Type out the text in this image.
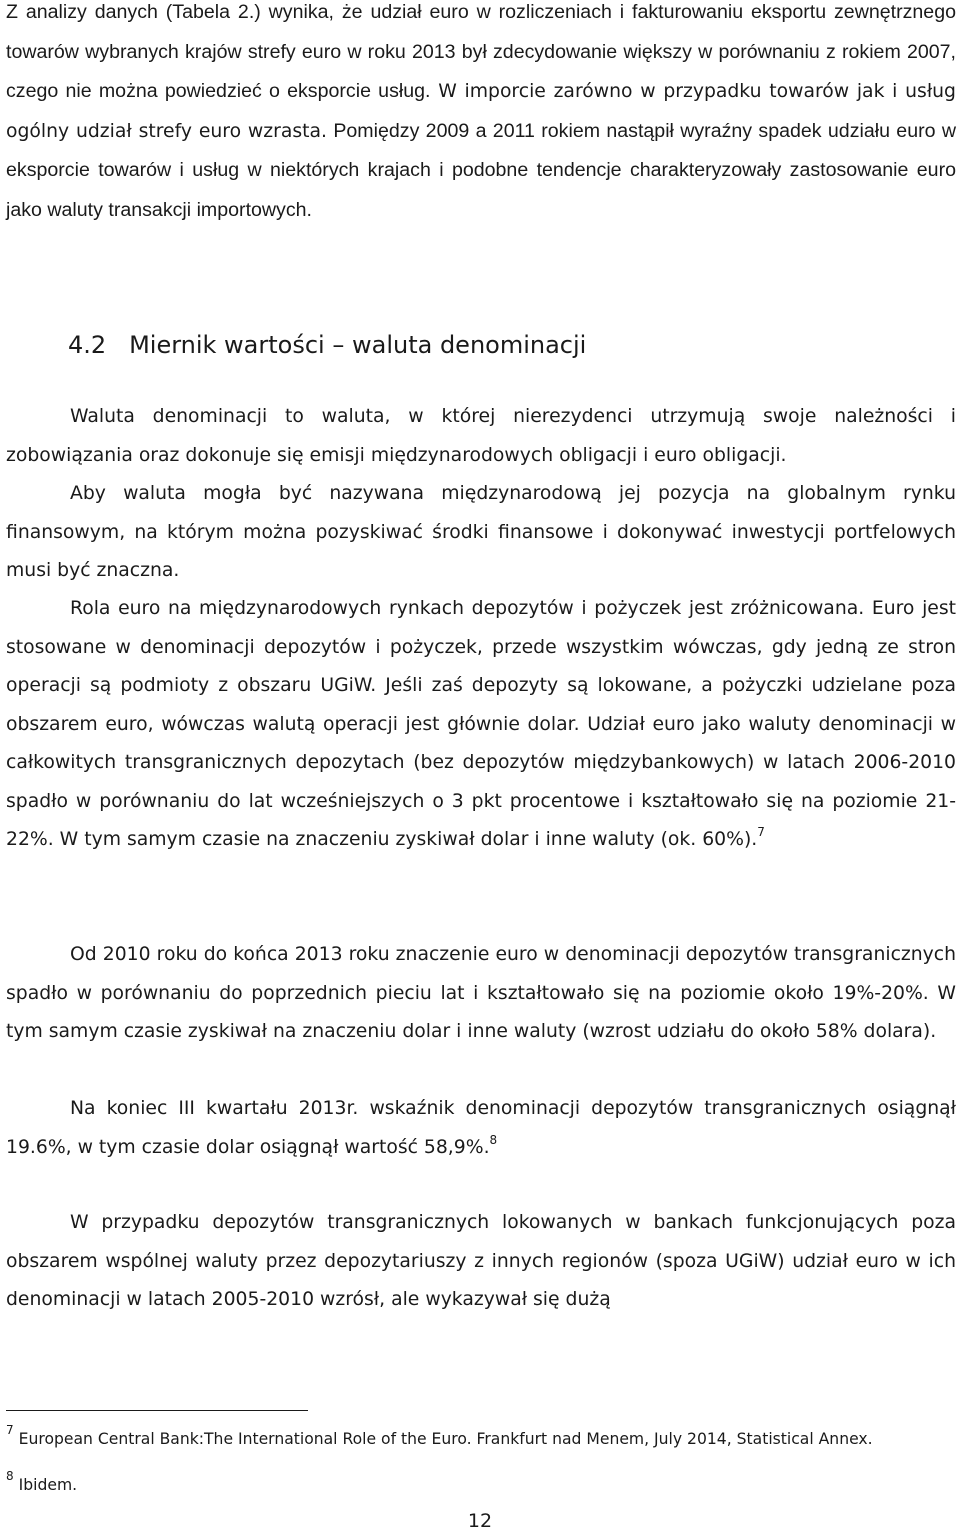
Z analizy danych (Tabela 2.) wynika, że udział euro w rozliczeniach i fakturowaniu eksportu zewnętrznego towarów wybranych krajów strefy euro w roku 2013 był zdecydowanie większy w porównaniu z rokiem 2007, czego nie można powiedzieć o eksporcie usług. W imporcie zarówno w przypadku towarów jak i usług ogólny udział strefy euro wzrasta. Pomiędzy 2009 a 2011 rokiem nastąpił wyraźny spadek udziału euro w eksporcie towarów i usług w niektórych krajach i podobne tendencje charakteryzowały zastosowanie euro jako waluty transakcji importowych.

4.2 Miernik wartości – waluta denominacji

Waluta denominacji to waluta, w której nierezydenci utrzymują swoje należności i zobowiązania oraz dokonuje się emisji międzynarodowych obligacji i euro obligacji.

Aby waluta mogła być nazywana międzynarodową jej pozycja na globalnym rynku finansowym, na którym można pozyskiwać środki finansowe i dokonywać inwestycji portfelowych musi być znaczna.

Rola euro na międzynarodowych rynkach depozytów i pożyczek jest zróżnicowana. Euro jest stosowane w denominacji depozytów i pożyczek, przede wszystkim wówczas, gdy jedną ze stron operacji są podmioty z obszaru UGiW. Jeśli zaś depozyty są lokowane, a pożyczki udzielane poza obszarem euro, wówczas walutą operacji jest głównie dolar. Udział euro jako waluty denominacji w całkowitych transgranicznych depozytach (bez depozytów międzybankowych) w latach 2006-2010 spadło w porównaniu do lat wcześniejszych o 3 pkt procentowe i kształtowało się na poziomie 21-22%. W tym samym czasie na znaczeniu zyskiwał dolar i inne waluty (ok. 60%).$^7$

Od 2010 roku do końca 2013 roku znaczenie euro w denominacji depozytów transgranicznych spadło w porównaniu do poprzednich pieciu lat i kształtowało się na poziomie około 19%-20%. W tym samym czasie zyskiwał na znaczeniu dolar i inne waluty (wzrost udziału do około 58% dolara).

Na koniec III kwartału 2013r. wskaźnik denominacji depozytów transgranicznych osiągnął 19.6%, w tym czasie dolar osiągnął wartość 58,9%.$^8$

W przypadku depozytów transgranicznych lokowanych w bankach funkcjonujących poza obszarem wspólnej waluty przez depozytariuszy z innych regionów (spoza UGiW) udział euro w ich denominacji w latach 2005-2010 wzrósł, ale wykazywał się dużą

$^7$ European Central Bank:The International Role of the Euro. Frankfurt nad Menem, July 2014, Statistical Annex.

$^8$ Ibidem.

12
